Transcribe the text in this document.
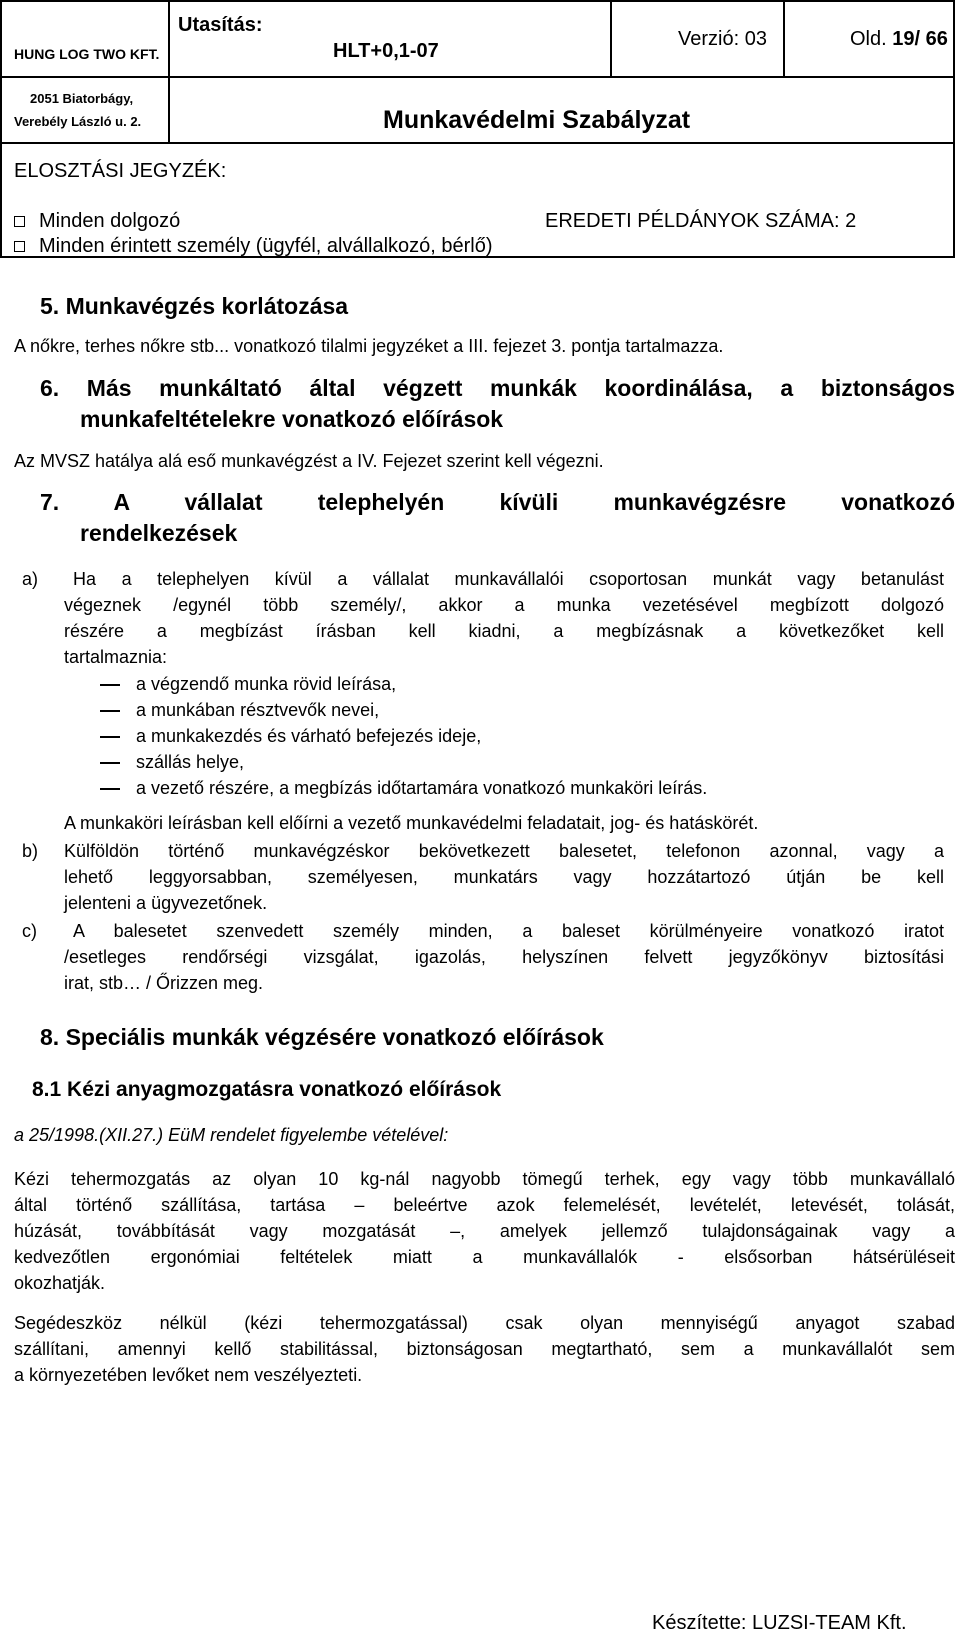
HUNG LOG TWO KFT.
2051 Biatorbágy,
Verebély László u. 2.
Utasítás:
HLT+0,1-07
Verzió: 03	Old. 19/ 66
Munkavédelmi Szabályzat
ELOSZTÁSI JEGYZÉK:
Minden dolgozó
Minden érintett személy (ügyfél, alvállalkozó, bérlő)
EREDETI PÉLDÁNYOK SZÁMA: 2
5. Munkavégzés korlátozása
A nőkre, terhes nőkre stb... vonatkozó tilalmi jegyzéket a III. fejezet 3. pontja tartalmazza.
6. Más munkáltató által végzett munkák koordinálása, a biztonságos
munkafeltételekre vonatkozó előírások
Az MVSZ hatálya alá eső munkavégzést a IV. Fejezet szerint kell végezni.
7. A vállalat telephelyén kívüli munkavégzésre vonatkozó
rendelkezések
a) Ha a telephelyen kívül a vállalat munkavállalói csoportosan munkát vagy betanulást
végeznek /egynél több személy/, akkor a munka vezetésével megbízott dolgozó
részére a megbízást írásban kell kiadni, a megbízásnak a következőket kell
tartalmaznia:
a végzendő munka rövid leírása,
a munkában résztvevők nevei,
a munkakezdés és várható befejezés ideje,
szállás helye,
a vezető részére, a megbízás időtartamára vonatkozó munkaköri leírás.
A munkaköri leírásban kell előírni a vezető munkavédelmi feladatait, jog- és hatáskörét.
b) Külföldön történő munkavégzéskor bekövetkezett balesetet, telefonon azonnal, vagy a
lehető leggyorsabban, személyesen, munkatárs vagy hozzátartozó útján be kell
jelenteni a ügyvezetőnek.
c) A balesetet szenvedett személy minden, a baleset körülményeire vonatkozó iratot
/esetleges rendőrségi vizsgálat, igazolás, helyszínen felvett jegyzőkönyv biztosítási
irat, stb… / Őrizzen meg.
8. Speciális munkák végzésére vonatkozó előírások
8.1 Kézi anyagmozgatásra vonatkozó előírások
a 25/1998.(XII.27.) EüM rendelet figyelembe vételével:
Kézi tehermozgatás az olyan 10 kg-nál nagyobb tömegű terhek, egy vagy több munkavállaló
által történő szállítása, tartása – beleértve azok felemelését, levételét, letevését, tolását,
húzását, továbbítását vagy mozgatását –, amelyek jellemző tulajdonságainak vagy a
kedvezőtlen ergonómiai feltételek miatt a munkavállalók - elsősorban hátsérüléseit
okozhatják.
Segédeszköz nélkül (kézi tehermozgatással) csak olyan mennyiségű anyagot szabad
szállítani, amennyi kellő stabilitással, biztonságosan megtartható, sem a munkavállalót sem
a környezetében levőket nem veszélyezteti.
Készítette: LUZSI-TEAM Kft.
